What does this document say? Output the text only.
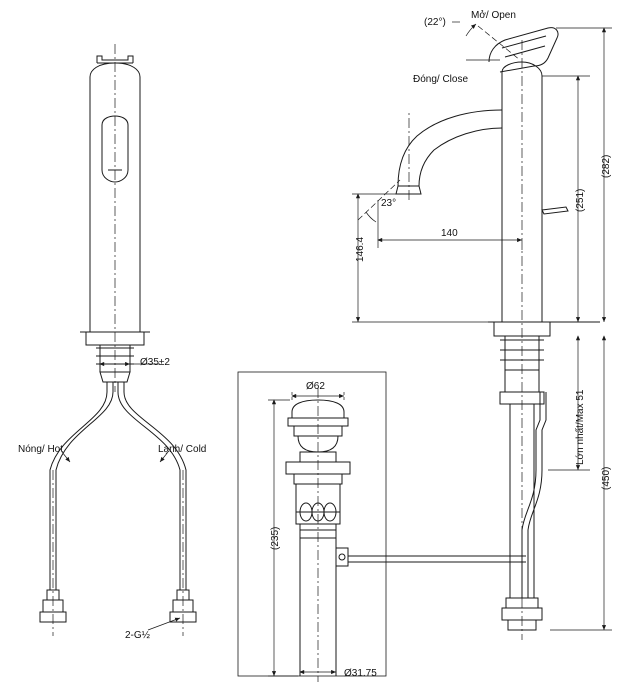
Mở/ Open
Đóng/ Close
(22°)
23°
Nóng/ Hot	Lạnh/ Cold
2-G½
Ø35±2
140
146.4
(251)
(282)
(450)
Lớn nhất/Max 51
(235)
Ø62
Ø31.75
